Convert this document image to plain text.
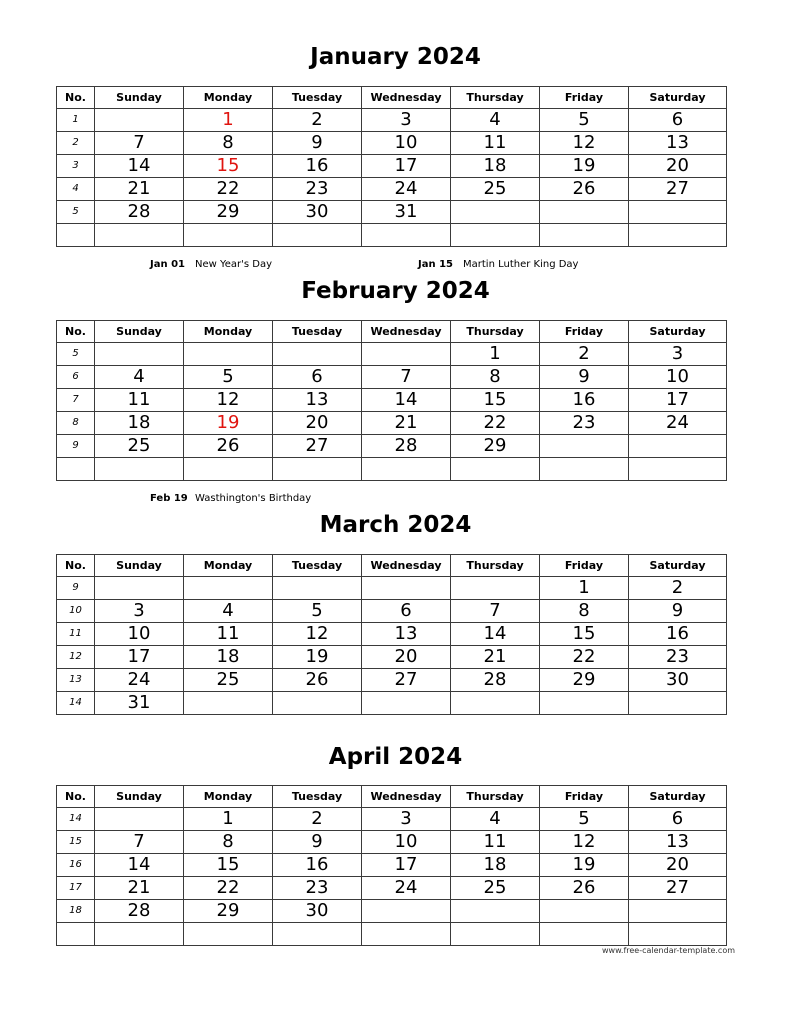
January 2024
No.	Sunday	Monday	Tuesday	Wednesday	Thursday	Friday	Saturday
1		1	2	3	4	5	6
2	7	8	9	10	11	12	13
3	14	15	16	17	18	19	20
4	21	22	23	24	25	26	27
5	28	29	30	31			

Jan 01 New Year's Day	Jan 15 Martin Luther King Day
February 2024
No.	Sunday	Monday	Tuesday	Wednesday	Thursday	Friday	Saturday
5					1	2	3
6	4	5	6	7	8	9	10
7	11	12	13	14	15	16	17
8	18	19	20	21	22	23	24
9	25	26	27	28	29		

Feb 19 Wasthington's Birthday
March 2024
No.	Sunday	Monday	Tuesday	Wednesday	Thursday	Friday	Saturday
9						1	2
10	3	4	5	6	7	8	9
11	10	11	12	13	14	15	16
12	17	18	19	20	21	22	23
13	24	25	26	27	28	29	30
14	31						
April 2024
No.	Sunday	Monday	Tuesday	Wednesday	Thursday	Friday	Saturday
14		1	2	3	4	5	6
15	7	8	9	10	11	12	13
16	14	15	16	17	18	19	20
17	21	22	23	24	25	26	27
18	28	29	30				

www.free-calendar-template.com
